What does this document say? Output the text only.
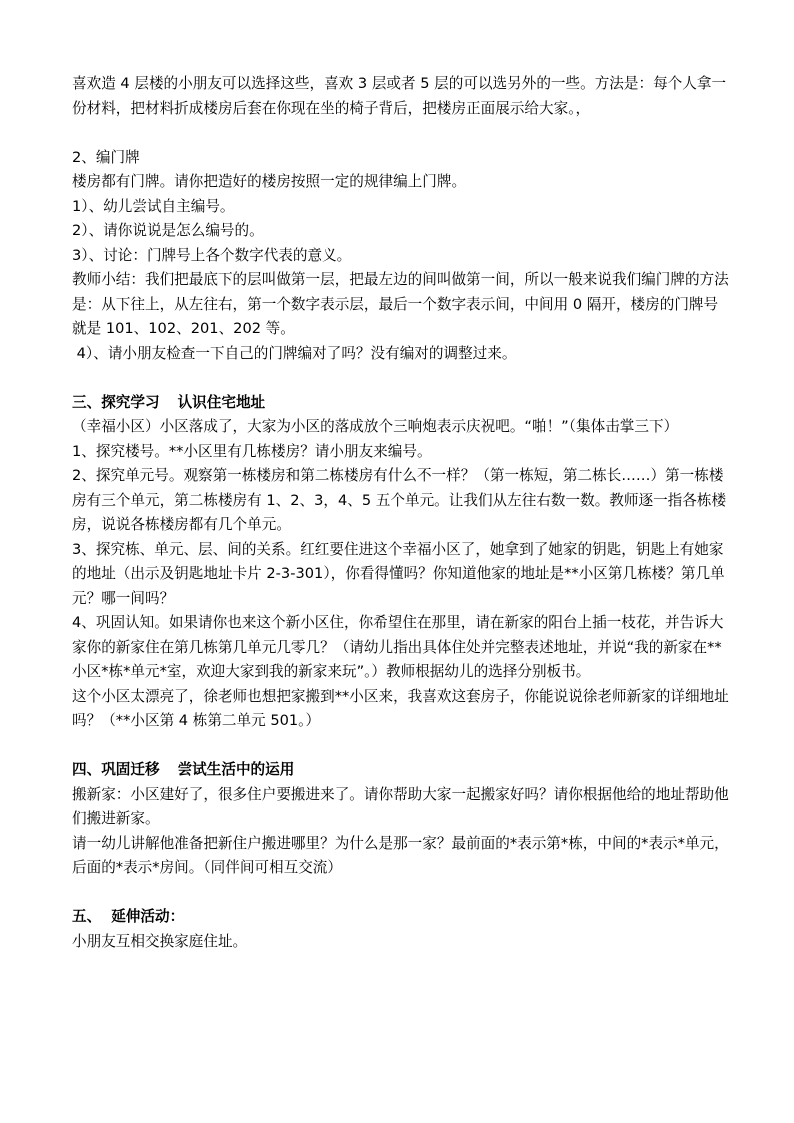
喜欢造 4 层楼的小朋友可以选择这些，喜欢 3 层或者 5 层的可以选另外的一些。方法是：每个人拿一份材料，把材料折成楼房后套在你现在坐的椅子背后，把楼房正面展示给大家。，

2、编门牌

楼房都有门牌。请你把造好的楼房按照一定的规律编上门牌。

1）、幼儿尝试自主编号。

2）、请你说说是怎么编号的。

3）、讨论：门牌号上各个数字代表的意义。

教师小结：我们把最底下的层叫做第一层，把最左边的间叫做第一间，所以一般来说我们编门牌的方法是：从下往上，从左往右，第一个数字表示层，最后一个数字表示间，中间用 0 隔开，楼房的门牌号就是 101、102、201、202 等。

4）、请小朋友检查一下自己的门牌编对了吗？没有编对的调整过来。

三、探究学习 认识住宅地址

（幸福小区）小区落成了，大家为小区的落成放个三响炮表示庆祝吧。“啪！”（集体击掌三下）

1、探究楼号。**小区里有几栋楼房？请小朋友来编号。

2、探究单元号。观察第一栋楼房和第二栋楼房有什么不一样？（第一栋短，第二栋长……）第一栋楼房有三个单元，第二栋楼房有 1、2、3，4、5 五个单元。让我们从左往右数一数。教师逐一指各栋楼房，说说各栋楼房都有几个单元。

3、探究栋、单元、层、间的关系。红红要住进这个幸福小区了，她拿到了她家的钥匙，钥匙上有她家的地址（出示及钥匙地址卡片 2-3-301），你看得懂吗？你知道他家的地址是**小区第几栋楼？第几单元？哪一间吗？

4、巩固认知。如果请你也来这个新小区住，你希望住在那里，请在新家的阳台上插一枝花，并告诉大家你的新家住在第几栋第几单元几零几？（请幼儿指出具体住处并完整表述地址，并说“我的新家在**小区*栋*单元*室，欢迎大家到我的新家来玩”。）教师根据幼儿的选择分别板书。

这个小区太漂亮了，徐老师也想把家搬到**小区来，我喜欢这套房子，你能说说徐老师新家的详细地址吗？（**小区第 4 栋第二单元 501。）

四、巩固迁移 尝试生活中的运用

搬新家：小区建好了，很多住户要搬进来了。请你帮助大家一起搬家好吗？请你根据他给的地址帮助他们搬进新家。

请一幼儿讲解他准备把新住户搬进哪里？为什么是那一家？最前面的*表示第*栋，中间的*表示*单元，后面的*表示*房间。（同伴间可相互交流）

五、 延伸活动：

小朋友互相交换家庭住址。
